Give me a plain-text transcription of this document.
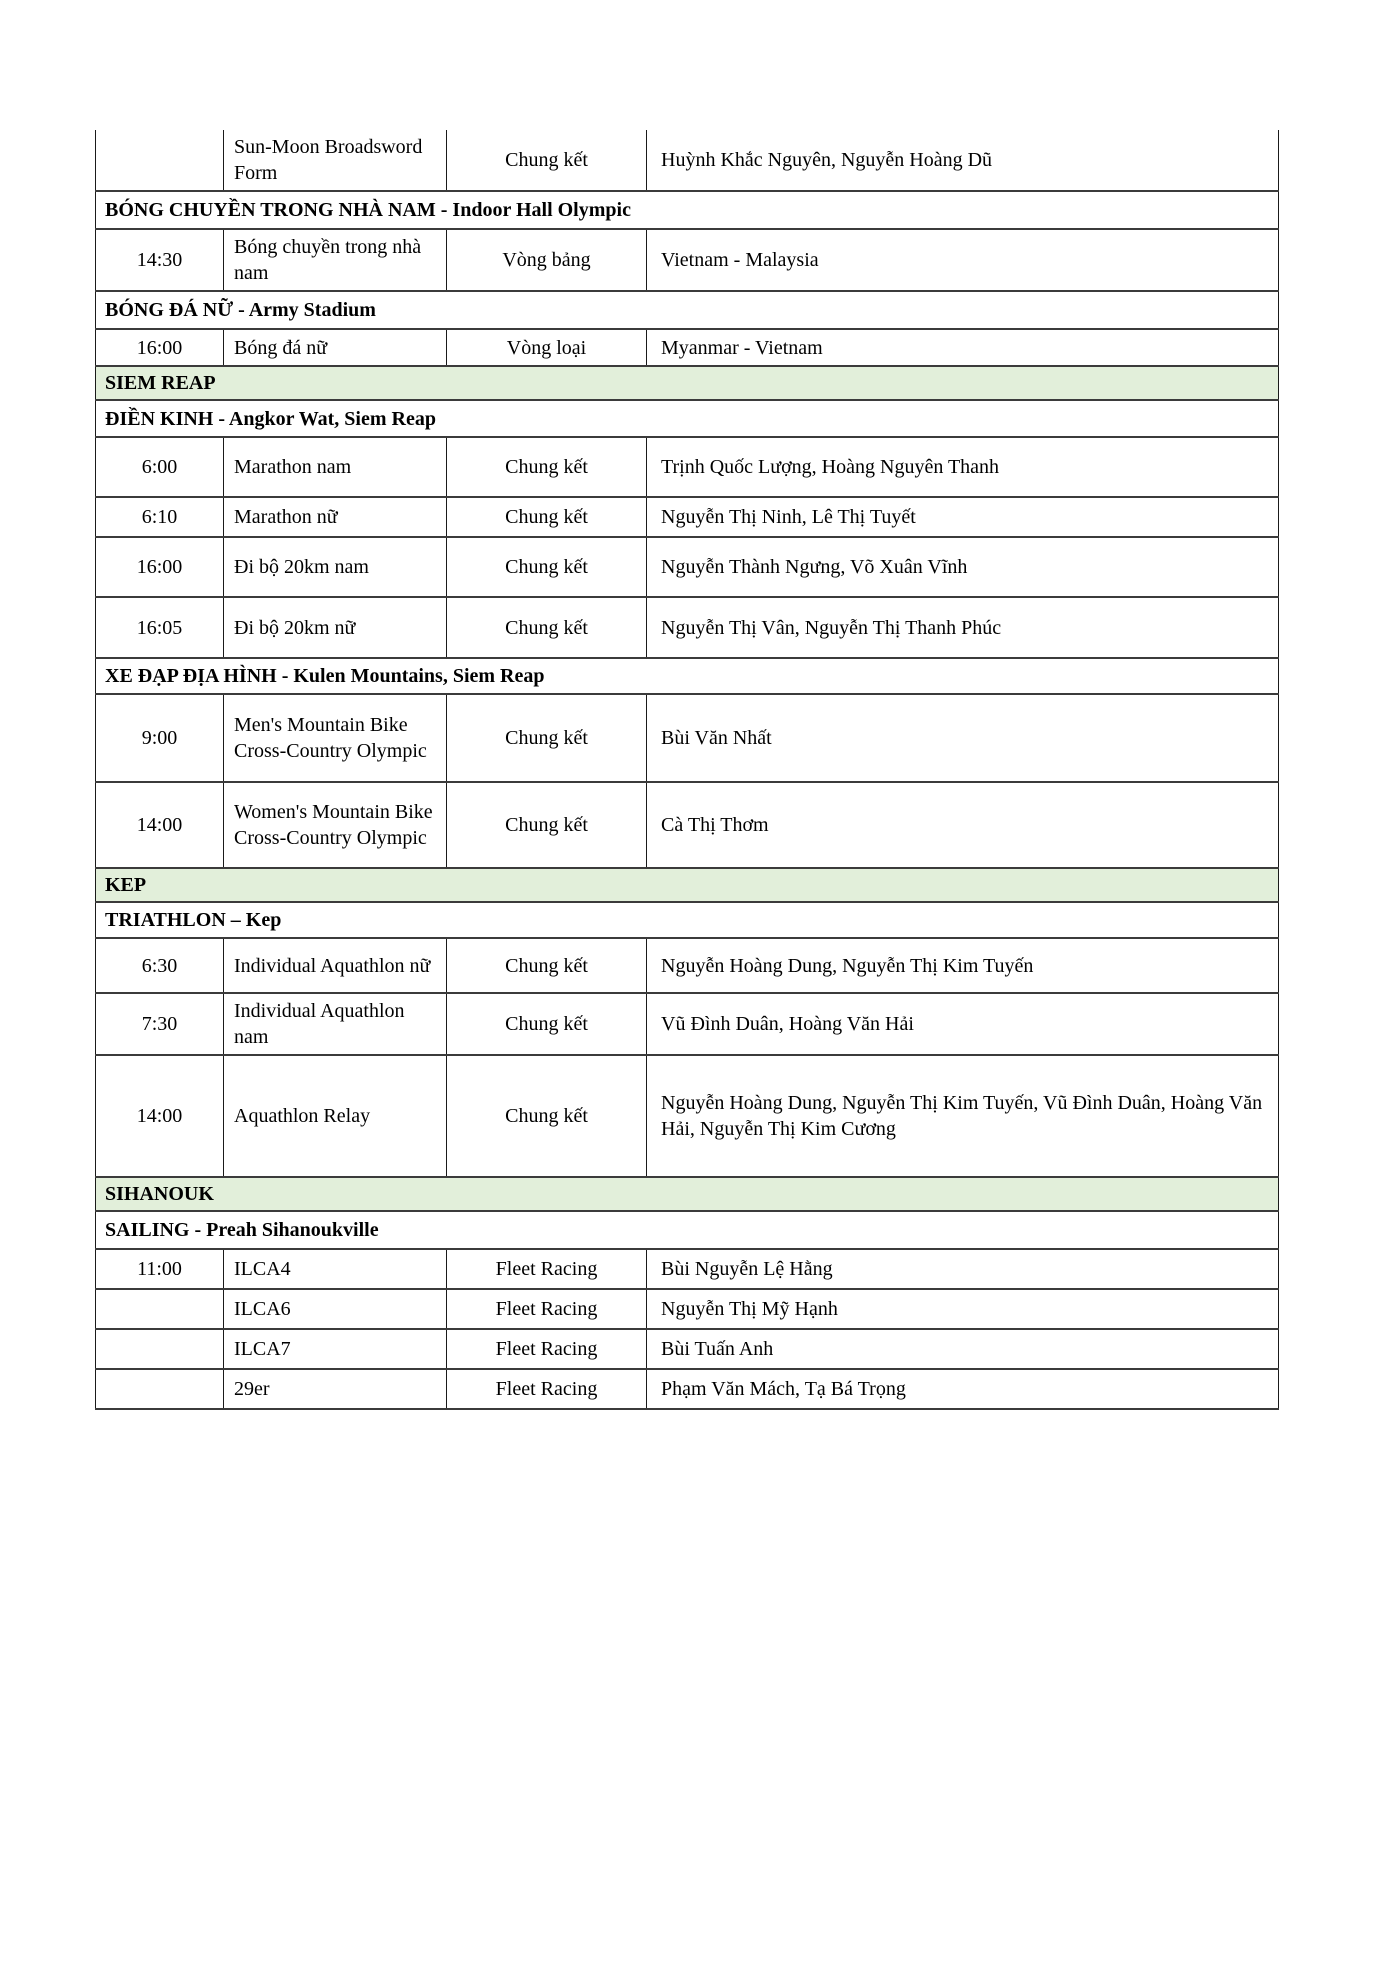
	Sun-Moon Broadsword Form	Chung kết	Huỳnh Khắc Nguyên, Nguyễn Hoàng Dũ
BÓNG CHUYỀN TRONG NHÀ NAM - Indoor Hall Olympic			
14:30	Bóng chuyền trong nhà nam	Vòng bảng	Vietnam - Malaysia
BÓNG ĐÁ NỮ - Army Stadium			
16:00	Bóng đá nữ	Vòng loại	Myanmar - Vietnam
SIEM REAP			
ĐIỀN KINH - Angkor Wat, Siem Reap			
6:00	Marathon nam	Chung kết	Trịnh Quốc Lượng, Hoàng Nguyên Thanh
6:10	Marathon nữ	Chung kết	Nguyễn Thị Ninh, Lê Thị Tuyết
16:00	Đi bộ 20km nam	Chung kết	Nguyễn Thành Ngưng, Võ Xuân Vĩnh
16:05	Đi bộ 20km nữ	Chung kết	Nguyễn Thị Vân, Nguyễn Thị Thanh Phúc
XE ĐẠP ĐỊA HÌNH - Kulen Mountains, Siem Reap			
9:00	Men's Mountain Bike Cross-Country Olympic	Chung kết	Bùi Văn Nhất
14:00	Women's Mountain Bike Cross-Country Olympic	Chung kết	Cà Thị Thơm
KEP			
TRIATHLON – Kep			
6:30	Individual Aquathlon nữ	Chung kết	Nguyễn Hoàng Dung, Nguyễn Thị Kim Tuyến
7:30	Individual Aquathlon nam	Chung kết	Vũ Đình Duân, Hoàng Văn Hải
14:00	Aquathlon Relay	Chung kết	Nguyễn Hoàng Dung, Nguyễn Thị Kim Tuyến, Vũ Đình Duân, Hoàng Văn Hải, Nguyễn Thị Kim Cương
SIHANOUK			
SAILING - Preah Sihanoukville			
11:00	ILCA4	Fleet Racing	Bùi Nguyễn Lệ Hằng
	ILCA6	Fleet Racing	Nguyễn Thị Mỹ Hạnh
	ILCA7	Fleet Racing	Bùi Tuấn Anh
	29er	Fleet Racing	Phạm Văn Mách, Tạ Bá Trọng
